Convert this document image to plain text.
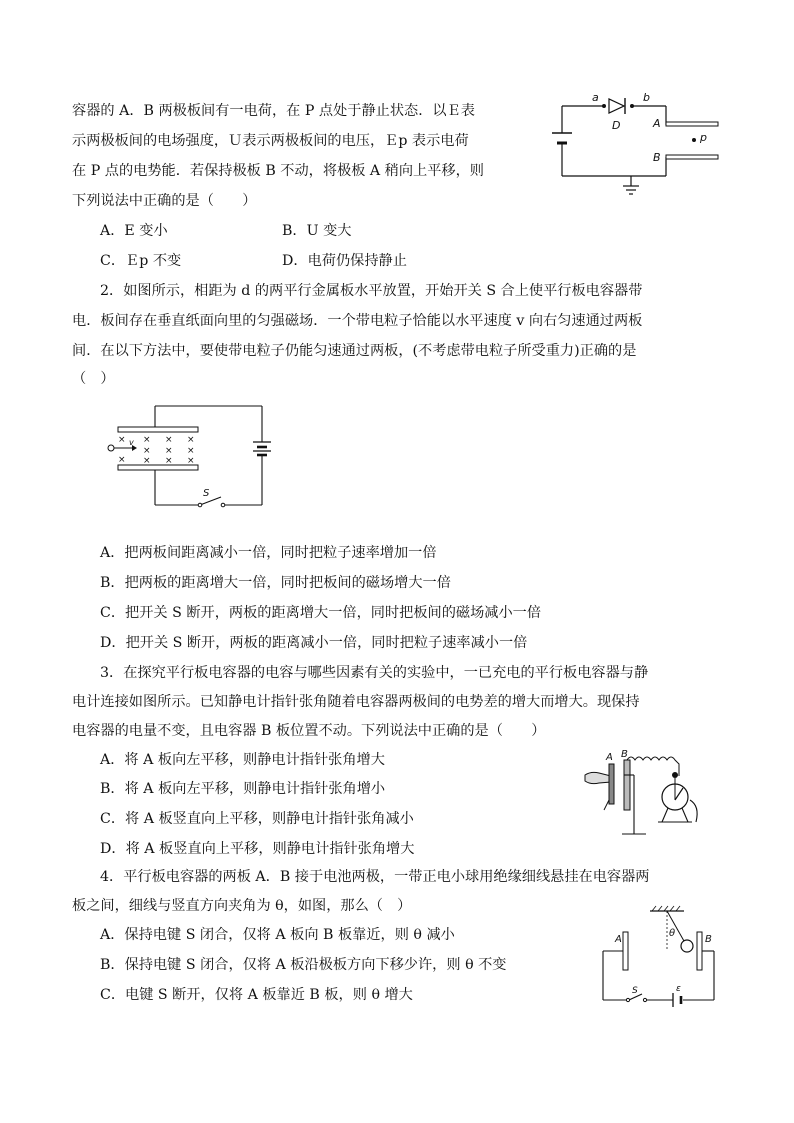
容器的 A．B 两极板间有一电荷，在 P 点处于静止状态．以Ｅ表
示两极板间的电场强度，Ｕ表示两极板间的电压，Ｅp 表示电荷
在 P 点的电势能．若保持极板 B 不动，将极板 A 稍向上平移，则
下列说法中正确的是（　　）
A．E 变小	B．U 变大
C．Ｅp 不变	D．电荷仍保持静止
a	b
D	A
B
p
2．如图所示，相距为 d 的两平行金属板水平放置，开始开关 S 合上使平行板电容器带
电．板间存在垂直纸面向里的匀强磁场．一个带电粒子恰能以水平速度 v 向右匀速通过两板
间．在以下方法中，要使带电粒子仍能匀速通过两板，(不考虑带电粒子所受重力)正确的是
（　）
v
S
× × × ×
×
× × ×
× × ×
A．把两板间距离减小一倍，同时把粒子速率增加一倍
B．把两板的距离增大一倍，同时把板间的磁场增大一倍
C．把开关 S 断开，两板的距离增大一倍，同时把板间的磁场减小一倍
D．把开关 S 断开，两板的距离减小一倍，同时把粒子速率减小一倍
3．在探究平行板电容器的电容与哪些因素有关的实验中，一已充电的平行板电容器与静
电计连接如图所示。已知静电计指针张角随着电容器两极间的电势差的增大而增大。现保持
电容器的电量不变，且电容器 B 板位置不动。下列说法中正确的是（　　）
A．将 A 板向左平移，则静电计指针张角增大
B．将 A 板向左平移，则静电计指针张角增小
C．将 A 板竖直向上平移，则静电计指针张角减小
D．将 A 板竖直向上平移，则静电计指针张角增大
A B
4．平行板电容器的两板 A．B 接于电池两极，一带正电小球用绝缘细线悬挂在电容器两
板之间，细线与竖直方向夹角为 θ，如图，那么（　）
A．保持电键 S 闭合，仅将 A 板向 B 板靠近，则 θ 减小
B．保持电键 S 闭合，仅将 A 板沿极板方向下移少许，则 θ 不变
C．电键 S 断开，仅将 A 板靠近 B 板，则 θ 增大
A	B
θ
S	ε
